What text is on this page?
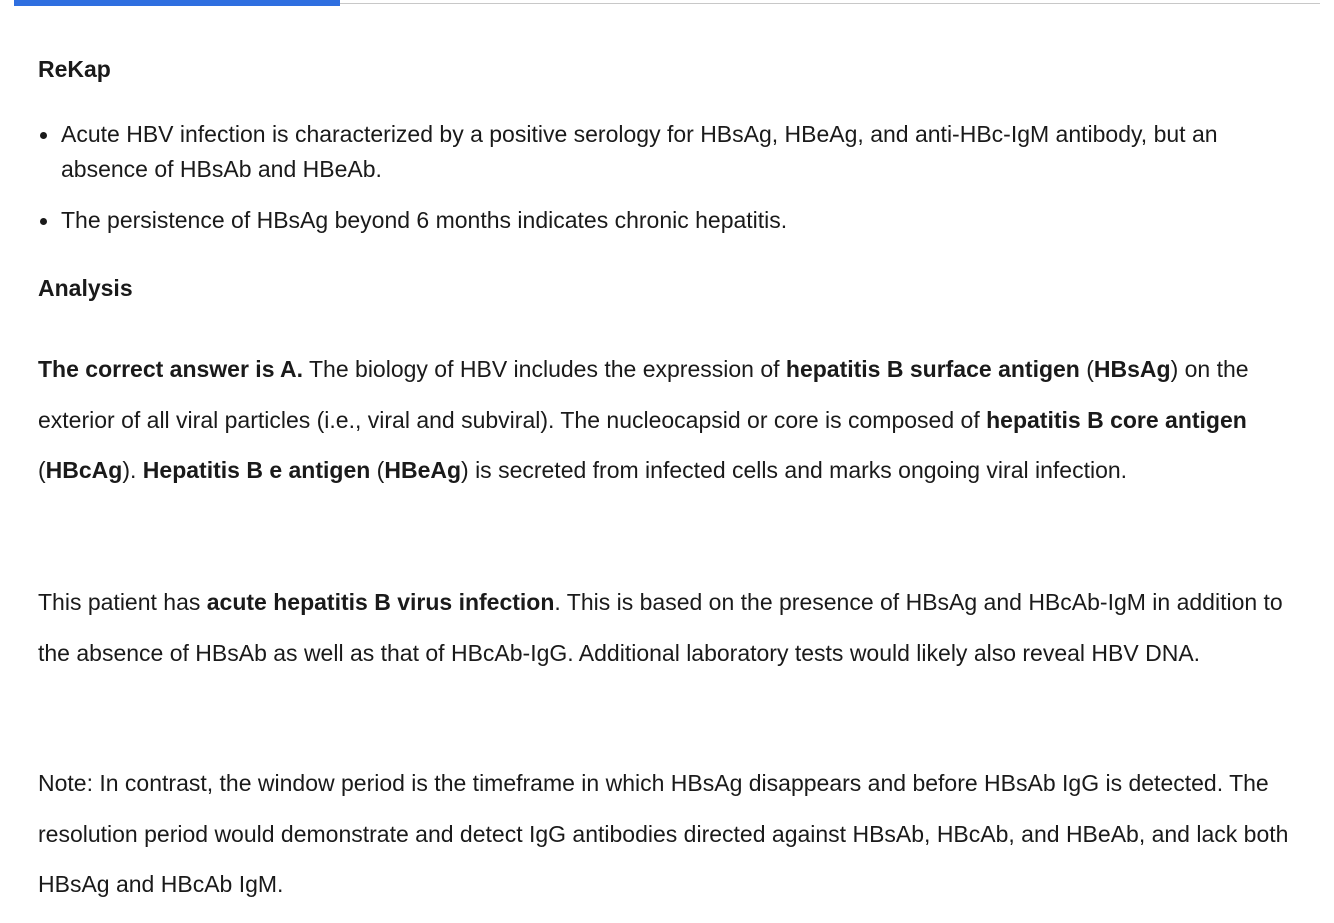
ReKap
Acute HBV infection is characterized by a positive serology for HBsAg, HBeAg, and anti-HBc-IgM antibody, but an absence of HBsAb and HBeAb.
The persistence of HBsAg beyond 6 months indicates chronic hepatitis.
Analysis

The correct answer is A. The biology of HBV includes the expression of hepatitis B surface antigen (HBsAg) on the exterior of all viral particles (i.e., viral and subviral). The nucleocapsid or core is composed of hepatitis B core antigen (HBcAg). Hepatitis B e antigen (HBeAg) is secreted from infected cells and marks ongoing viral infection.

This patient has acute hepatitis B virus infection. This is based on the presence of HBsAg and HBcAb-IgM in addition to the absence of HBsAb as well as that of HBcAb-IgG. Additional laboratory tests would likely also reveal HBV DNA.

Note: In contrast, the window period is the timeframe in which HBsAg disappears and before HBsAb IgG is detected. The resolution period would demonstrate and detect IgG antibodies directed against HBsAb, HBcAb, and HBeAb, and lack both HBsAg and HBcAb IgM.
